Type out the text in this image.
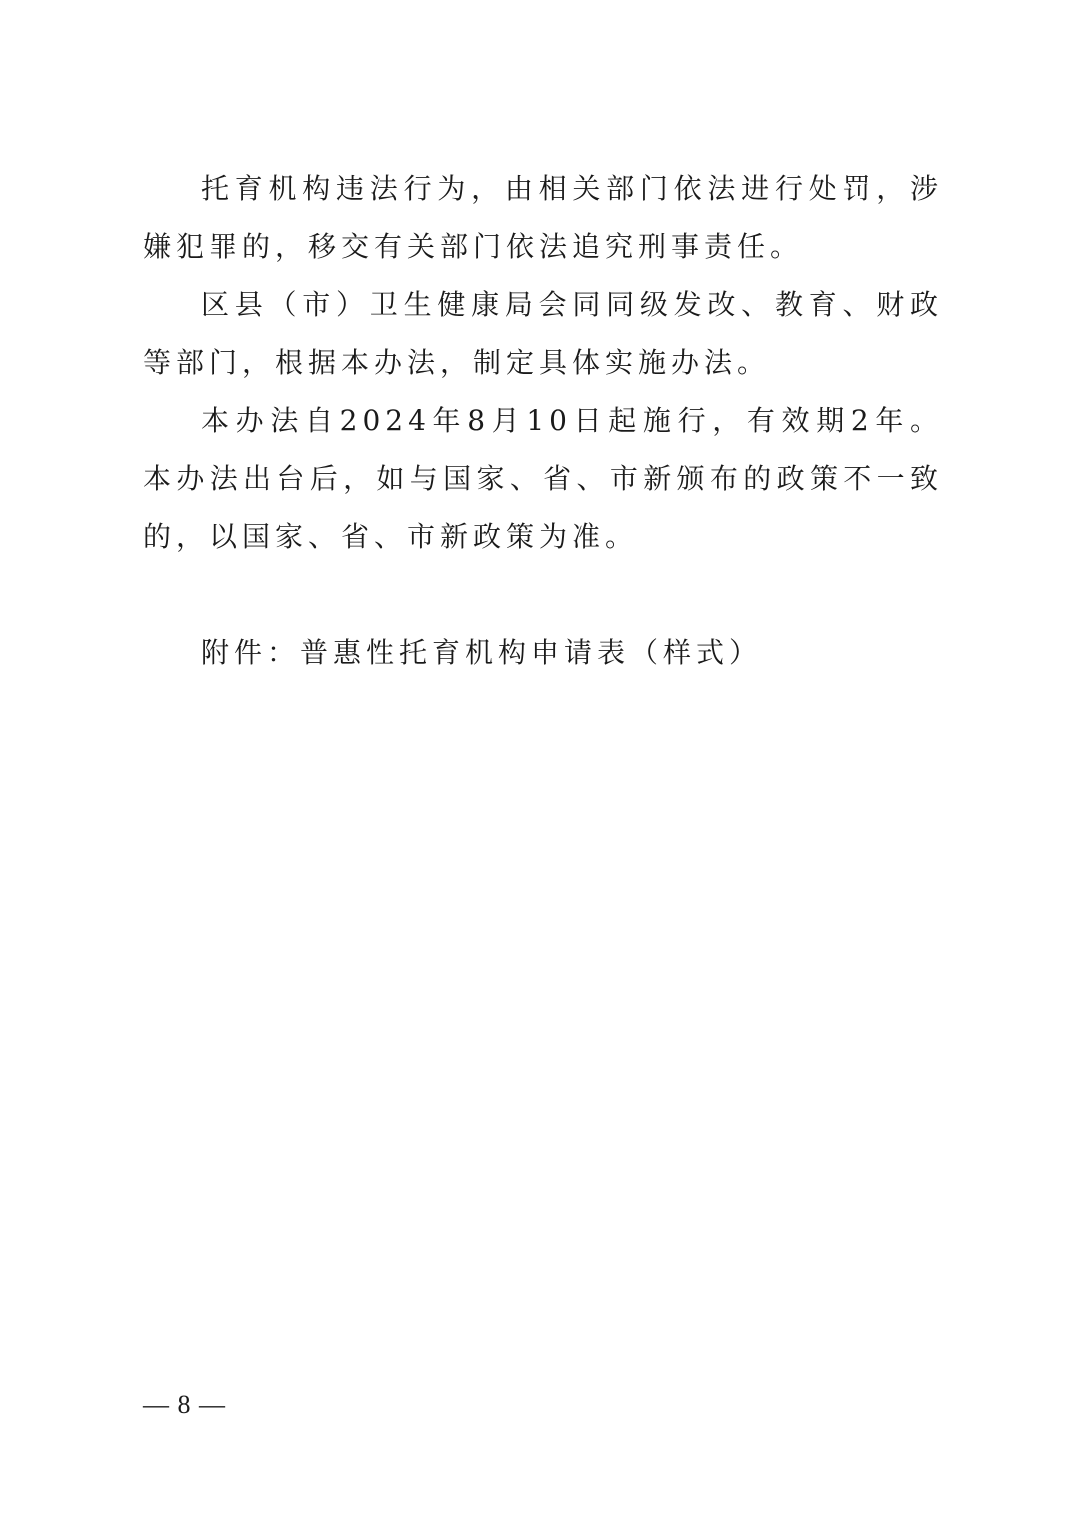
托育机构违法行为，由相关部门依法进行处罚，涉嫌犯罪的，移交有关部门依法追究刑事责任。

区县（市）卫生健康局会同同级发改、教育、财政等部门，根据本办法，制定具体实施办法。

本办法自2024年8月10日起施行，有效期2年。本办法出台后，如与国家、省、市新颁布的政策不一致的，以国家、省、市新政策为准。

附件：普惠性托育机构申请表（样式）

— 8 —
